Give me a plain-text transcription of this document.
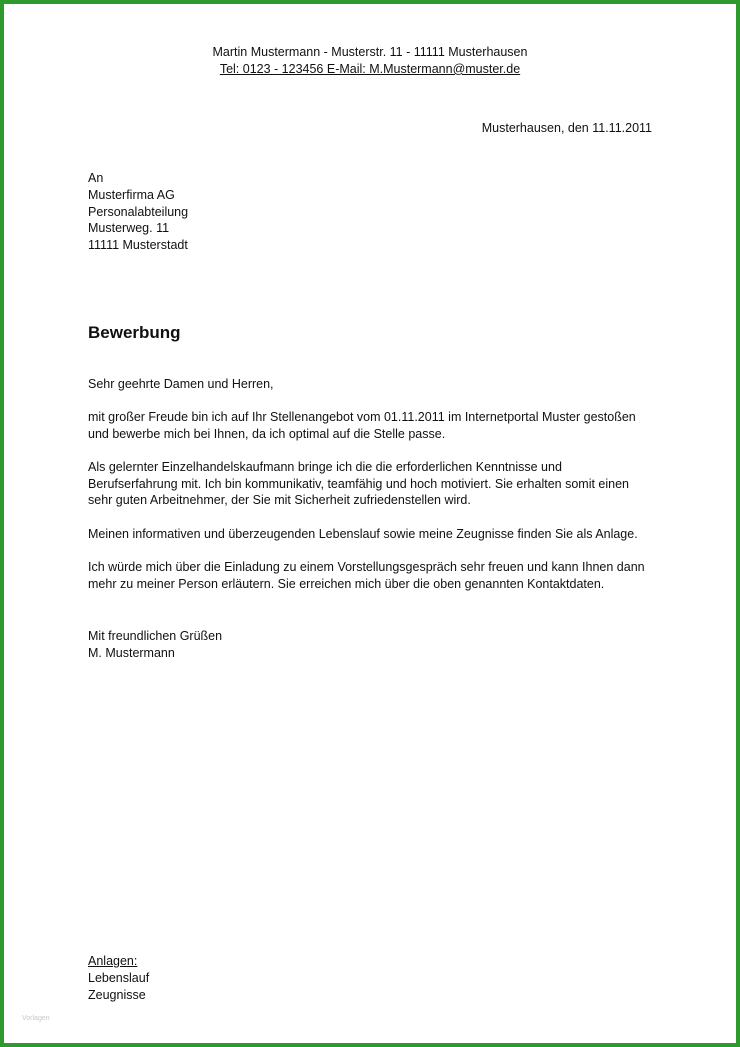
Martin Mustermann - Musterstr. 11 - 11111 Musterhausen
Tel: 0123 - 123456 E-Mail: M.Mustermann@muster.de
Musterhausen, den 11.11.2011
An
Musterfirma AG
Personalabteilung
Musterweg. 11
11111 Musterstadt
Bewerbung

Sehr geehrte Damen und Herren,

mit großer Freude bin ich auf Ihr Stellenangebot vom 01.11.2011 im Internetportal Muster gestoßen
und bewerbe mich bei Ihnen, da ich optimal auf die Stelle passe.

Als gelernter Einzelhandelskaufmann bringe ich die die erforderlichen Kenntnisse und
Berufserfahrung mit. Ich bin kommunikativ, teamfähig und hoch motiviert. Sie erhalten somit einen
sehr guten Arbeitnehmer, der Sie mit Sicherheit zufriedenstellen wird.

Meinen informativen und überzeugenden Lebenslauf sowie meine Zeugnisse finden Sie als Anlage.

Ich würde mich über die Einladung zu einem Vorstellungsgespräch sehr freuen und kann Ihnen dann
mehr zu meiner Person erläutern. Sie erreichen mich über die oben genannten Kontaktdaten.

Mit freundlichen Grüßen
M. Mustermann
Anlagen:
Lebenslauf
Zeugnisse
Vorlagen
